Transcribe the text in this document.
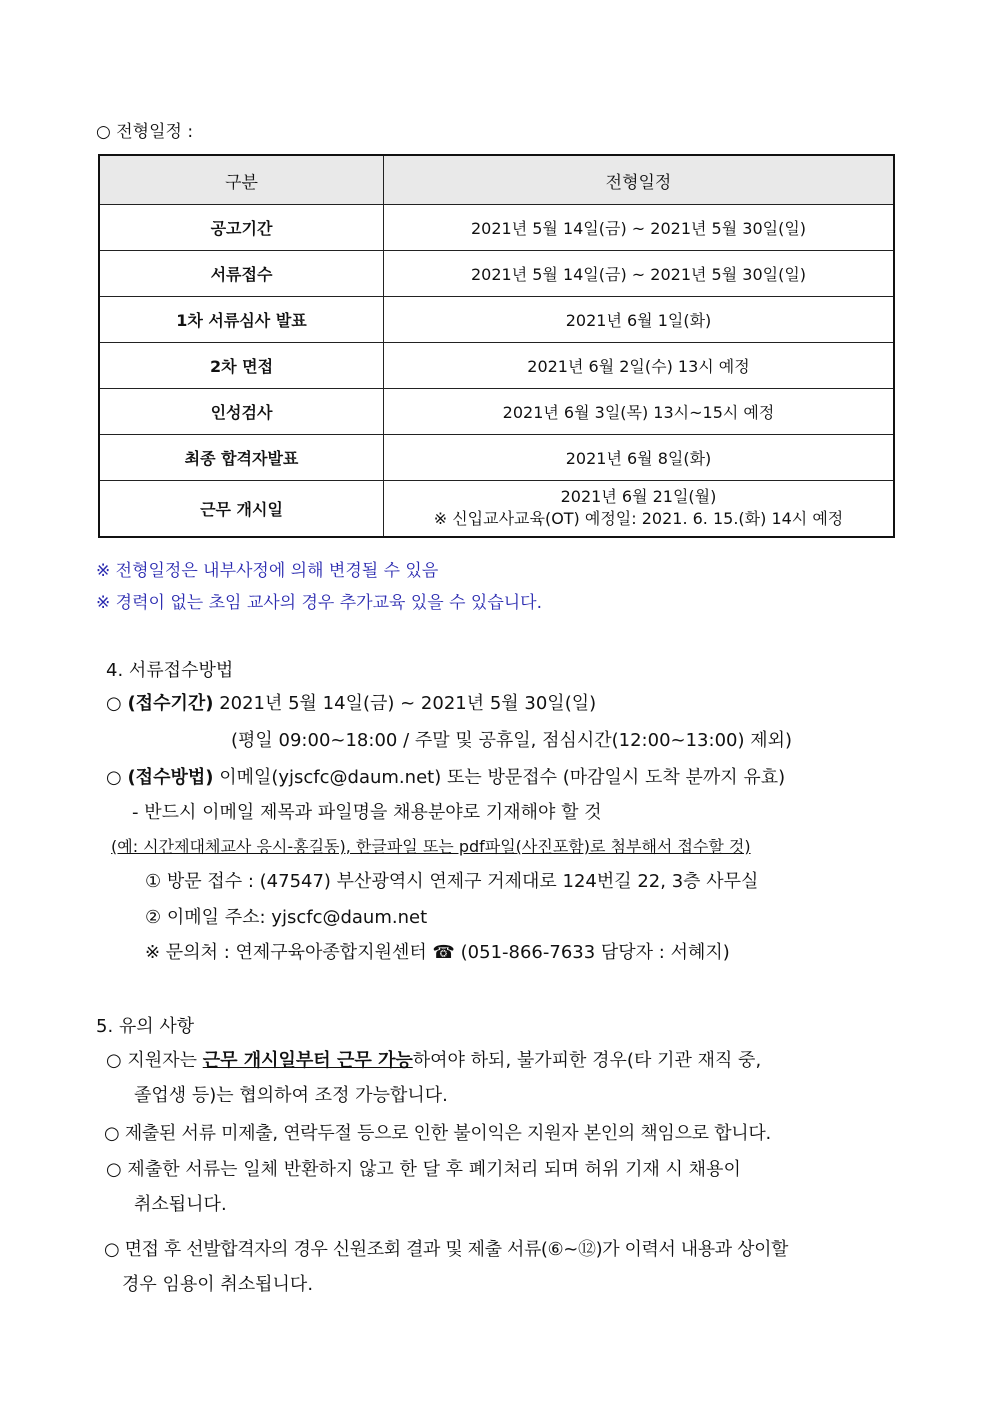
○ 전형일정 :
구분	전형일정
공고기간	2021년 5월 14일(금) ~ 2021년 5월 30일(일)
서류접수	2021년 5월 14일(금) ~ 2021년 5월 30일(일)
1차 서류심사 발표	2021년 6월 1일(화)
2차 면접	2021년 6월 2일(수) 13시 예정
인성검사	2021년 6월 3일(목) 13시~15시 예정
최종 합격자발표	2021년 6월 8일(화)
근무 개시일	2021년 6월 21일(월)
※ 신입교사교육(OT) 예정일: 2021. 6. 15.(화) 14시 예정
※ 전형일정은 내부사정에 의해 변경될 수 있음
※ 경력이 없는 초임 교사의 경우 추가교육 있을 수 있습니다.
4. 서류접수방법
○ (접수기간) 2021년 5월 14일(금) ~ 2021년 5월 30일(일)
(평일 09:00~18:00 / 주말 및 공휴일, 점심시간(12:00~13:00) 제외)
○ (접수방법) 이메일(yjscfc@daum.net) 또는 방문접수 (마감일시 도착 분까지 유효)
- 반드시 이메일 제목과 파일명을 채용분야로 기재해야 할 것
(예: 시간제대체교사 응시-홍길동), 한글파일 또는 pdf파일(사진포함)로 첨부해서 접수할 것)
① 방문 접수 : (47547) 부산광역시 연제구 거제대로 124번길 22, 3층 사무실
② 이메일 주소: yjscfc@daum.net
※ 문의처 : 연제구육아종합지원센터 ☎ (051-866-7633 담당자 : 서혜지)
5. 유의 사항
○ 지원자는 근무 개시일부터 근무 가능하여야 하되, 불가피한 경우(타 기관 재직 중,
졸업생 등)는 협의하여 조정 가능합니다.
○ 제출된 서류 미제출, 연락두절 등으로 인한 불이익은 지원자 본인의 책임으로 합니다.
○ 제출한 서류는 일체 반환하지 않고 한 달 후 폐기처리 되며 허위 기재 시 채용이
취소됩니다.
○ 면접 후 선발합격자의 경우 신원조회 결과 및 제출 서류(⑥~⑫)가 이력서 내용과 상이할
경우 임용이 취소됩니다.
